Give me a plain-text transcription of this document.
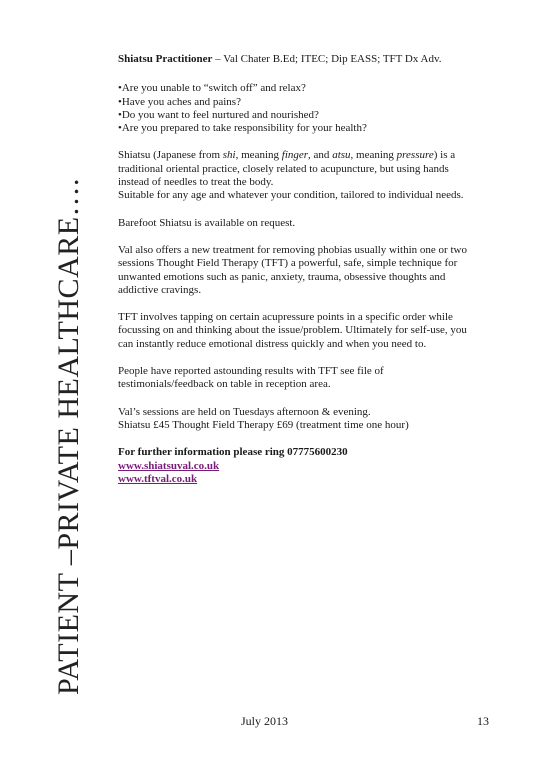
PATIENT –PRIVATE HEALTHCARE….

Shiatsu Practitioner – Val Chater B.Ed; ITEC; Dip EASS; TFT Dx Adv.

•Are you unable to “switch off” and relax?

•Have you aches and pains?

•Do you want to feel nurtured and nourished?

•Are you prepared to take responsibility for your health?

Shiatsu (Japanese from shi, meaning finger, and atsu, meaning pressure) is a traditional oriental practice, closely related to acupuncture, but using hands instead of needles to treat the body.

Suitable for any age and whatever your condition, tailored to individual needs.

Barefoot Shiatsu is available on request.

Val also offers a new treatment for removing phobias usually within one or two sessions Thought Field Therapy (TFT) a powerful, safe, simple technique for unwanted emotions such as panic, anxiety, trauma, obsessive thoughts and addictive cravings.

TFT involves tapping on certain acupressure points in a specific order while focussing on and thinking about the issue/problem. Ultimately for self-use, you can instantly reduce emotional distress quickly and when you need to.

People have reported astounding results with TFT see file of testimonials/feedback on table in reception area.

Val’s sessions are held on Tuesdays afternoon & evening.

Shiatsu £45 Thought Field Therapy £69 (treatment time one hour)

For further information please ring 07775600230

www.shiatsuval.co.uk
www.tftval.co.uk
July 2013	13
